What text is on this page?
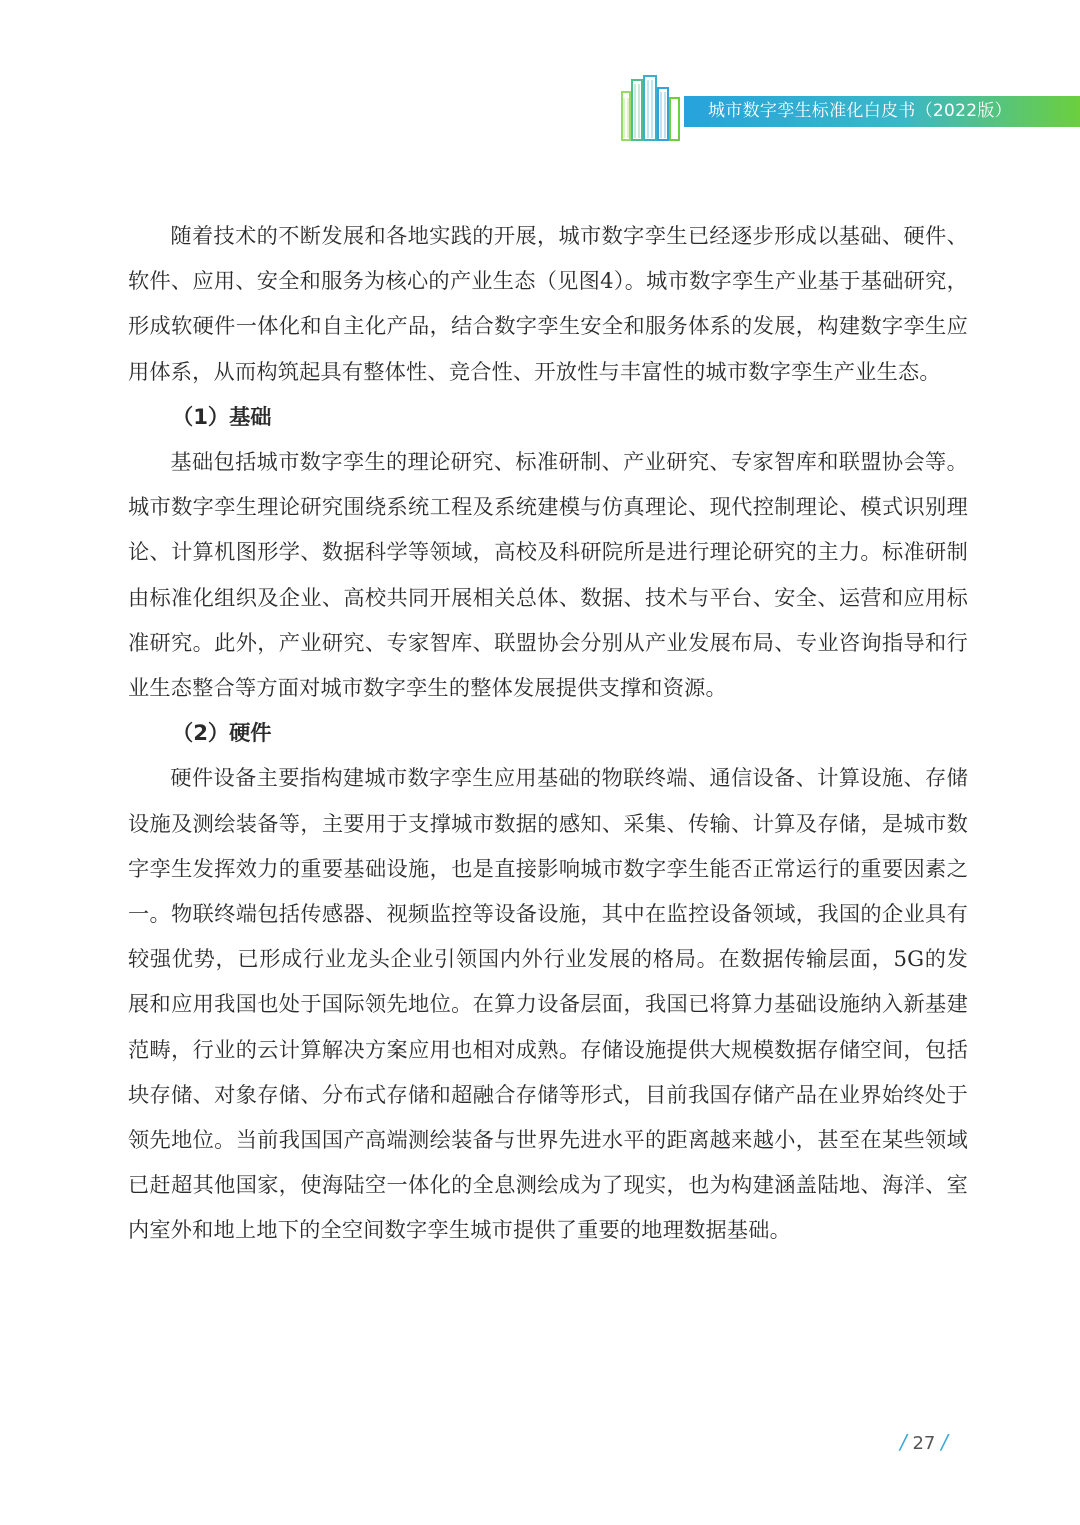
城市数字孪生标准化白皮书（2022版）

随着技术的不断发展和各地实践的开展，城市数字孪生已经逐步形成以基础、硬件、软件、应用、安全和服务为核心的产业生态（见图4）。城市数字孪生产业基于基础研究，形成软硬件一体化和自主化产品，结合数字孪生安全和服务体系的发展，构建数字孪生应用体系，从而构筑起具有整体性、竞合性、开放性与丰富性的城市数字孪生产业生态。

（1）基础

基础包括城市数字孪生的理论研究、标准研制、产业研究、专家智库和联盟协会等。城市数字孪生理论研究围绕系统工程及系统建模与仿真理论、现代控制理论、模式识别理论、计算机图形学、数据科学等领域，高校及科研院所是进行理论研究的主力。标准研制由标准化组织及企业、高校共同开展相关总体、数据、技术与平台、安全、运营和应用标准研究。此外，产业研究、专家智库、联盟协会分别从产业发展布局、专业咨询指导和行业生态整合等方面对城市数字孪生的整体发展提供支撑和资源。

（2）硬件

硬件设备主要指构建城市数字孪生应用基础的物联终端、通信设备、计算设施、存储设施及测绘装备等，主要用于支撑城市数据的感知、采集、传输、计算及存储，是城市数字孪生发挥效力的重要基础设施，也是直接影响城市数字孪生能否正常运行的重要因素之一。物联终端包括传感器、视频监控等设备设施，其中在监控设备领域，我国的企业具有较强优势，已形成行业龙头企业引领国内外行业发展的格局。在数据传输层面，5G的发展和应用我国也处于国际领先地位。在算力设备层面，我国已将算力基础设施纳入新基建范畴，行业的云计算解决方案应用也相对成熟。存储设施提供大规模数据存储空间，包括块存储、对象存储、分布式存储和超融合存储等形式，目前我国存储产品在业界始终处于领先地位。当前我国国产高端测绘装备与世界先进水平的距离越来越小，甚至在某些领域已赶超其他国家，使海陆空一体化的全息测绘成为了现实，也为构建涵盖陆地、海洋、室内室外和地上地下的全空间数字孪生城市提供了重要的地理数据基础。

/ 27 /
